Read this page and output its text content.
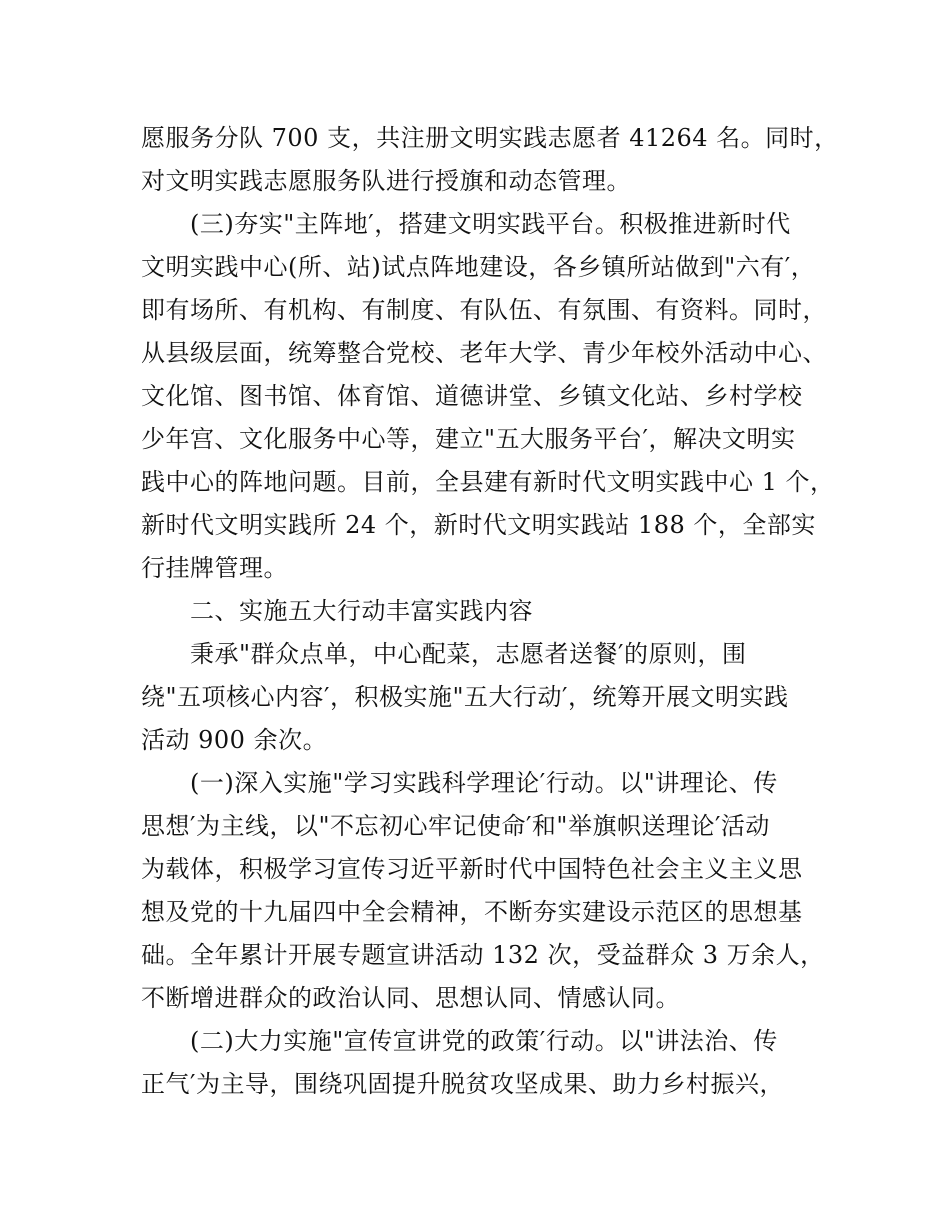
愿服务分队 700 支，共注册文明实践志愿者 41264 名。同时，
对文明实践志愿服务队进行授旗和动态管理。
(三)夯实"主阵地′，搭建文明实践平台。积极推进新时代
文明实践中心(所、站)试点阵地建设，各乡镇所站做到"六有′，
即有场所、有机构、有制度、有队伍、有氛围、有资料。同时，
从县级层面，统筹整合党校、老年大学、青少年校外活动中心、
文化馆、图书馆、体育馆、道德讲堂、乡镇文化站、乡村学校
少年宫、文化服务中心等，建立"五大服务平台′，解决文明实
践中心的阵地问题。目前，全县建有新时代文明实践中心 1 个，
新时代文明实践所 24 个，新时代文明实践站 188 个，全部实
行挂牌管理。
二、实施五大行动丰富实践内容
秉承"群众点单，中心配菜，志愿者送餐′的原则，围
绕"五项核心内容′，积极实施"五大行动′，统筹开展文明实践
活动 900 余次。
(一)深入实施"学习实践科学理论′行动。以"讲理论、传
思想′为主线，以"不忘初心牢记使命′和"举旗帜送理论′活动
为载体，积极学习宣传习近平新时代中国特色社会主义主义思
想及党的十九届四中全会精神，不断夯实建设示范区的思想基
础。全年累计开展专题宣讲活动 132 次，受益群众 3 万余人，
不断增进群众的政治认同、思想认同、情感认同。
(二)大力实施"宣传宣讲党的政策′行动。以"讲法治、传
正气′为主导，围绕巩固提升脱贫攻坚成果、助力乡村振兴，
